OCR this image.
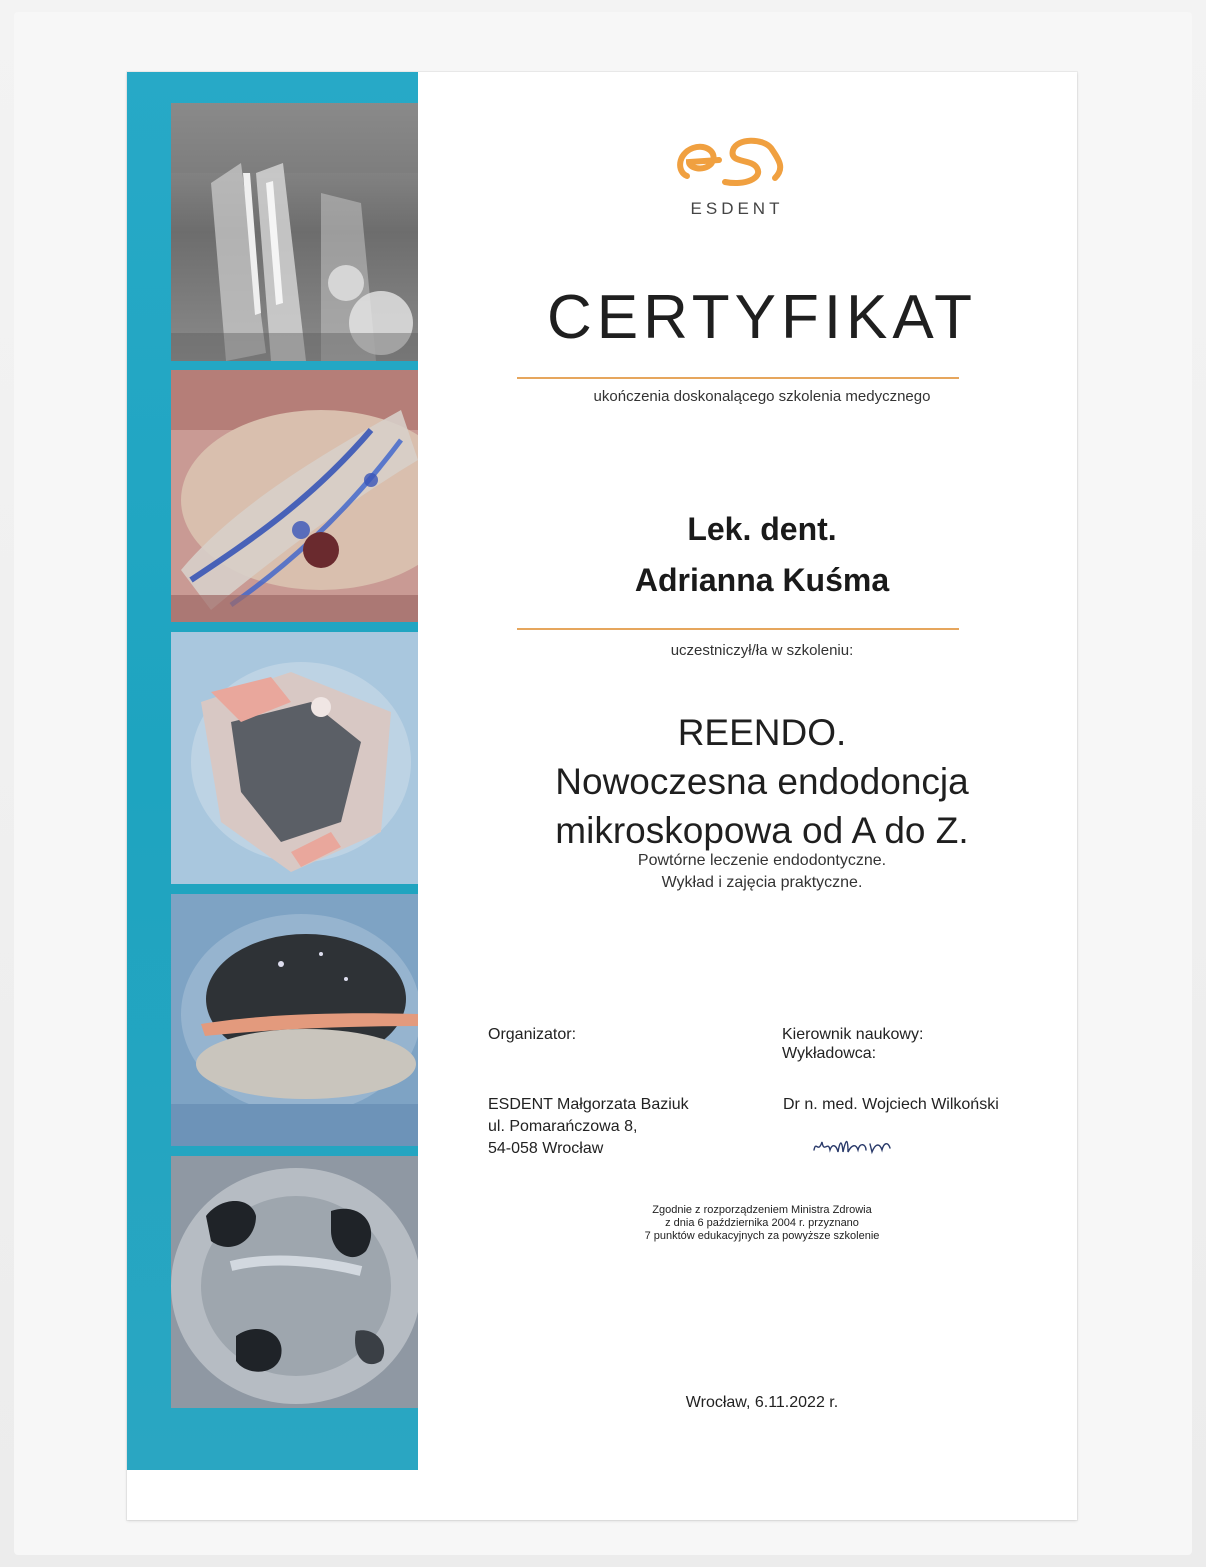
ESDENT
CERTYFIKAT
ukończenia doskonalącego szkolenia medycznego
Lek. dent.
Adrianna Kuśma
uczestniczył/ła w szkoleniu:
REENDO.
Nowoczesna endodoncja
mikroskopowa od A do Z.
Powtórne leczenie endodontyczne.
Wykład i zajęcia praktyczne.
Organizator:	Kierownik naukowy:
Wykładowca:
ESDENT Małgorzata Baziuk
ul. Pomarańczowa 8,
54-058 Wrocław
Dr n. med. Wojciech Wilkoński
Zgodnie z rozporządzeniem Ministra Zdrowia
z dnia 6 października 2004 r. przyznano
7 punktów edukacyjnych za powyższe szkolenie
Wrocław, 6.11.2022 r.
